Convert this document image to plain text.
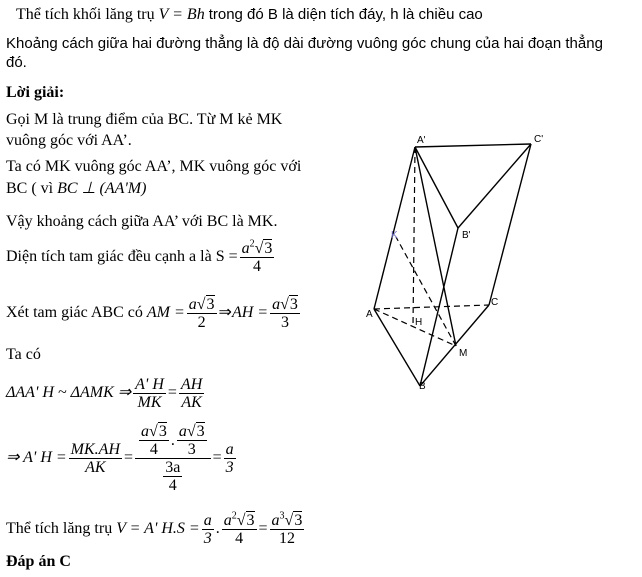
Thể tích khối lăng trụ V = Bh trong đó B là diện tích đáy, h là chiều cao
Khoảng cách giữa hai đường thẳng là độ dài đường vuông góc chung của hai đoạn thẳng
đó.
Lời giải:
Gọi M là trung điểm của BC. Từ M kẻ MK
vuông góc với AA’.
Ta có MK vuông góc AA’, MK vuông góc với
BC ( vì BC ⊥ (AA'M)
Vậy khoảng cách giữa AA’ với BC là MK.
Diện tích tam giác đều cạnh a là $S = \frac{a^2√3}{4}$
Xét tam giác ABC có
AM = $\frac{a√3}{2}$ ⇒ AH = $\frac{a√3}{3}$
Ta có
ΔAA' H ~ ΔAMK ⇒ $\frac{A' H}{MK} = \frac{AH}{AK}$
⇒ A' $H = \frac{MK.AH}{AK} = \frac{\frac{a√3}{4} . \frac{a√3}{3}}{\frac{3a}{4}} = \frac{a}{3}$
Thể tích lăng trụ
V = A' $H.S = \frac{a}{3}$ . $\frac{a^2√3}{4} = \frac{a^3√3}{12}$
Đáp án C
A'	C'
B'
K
A
H
C
M
B
